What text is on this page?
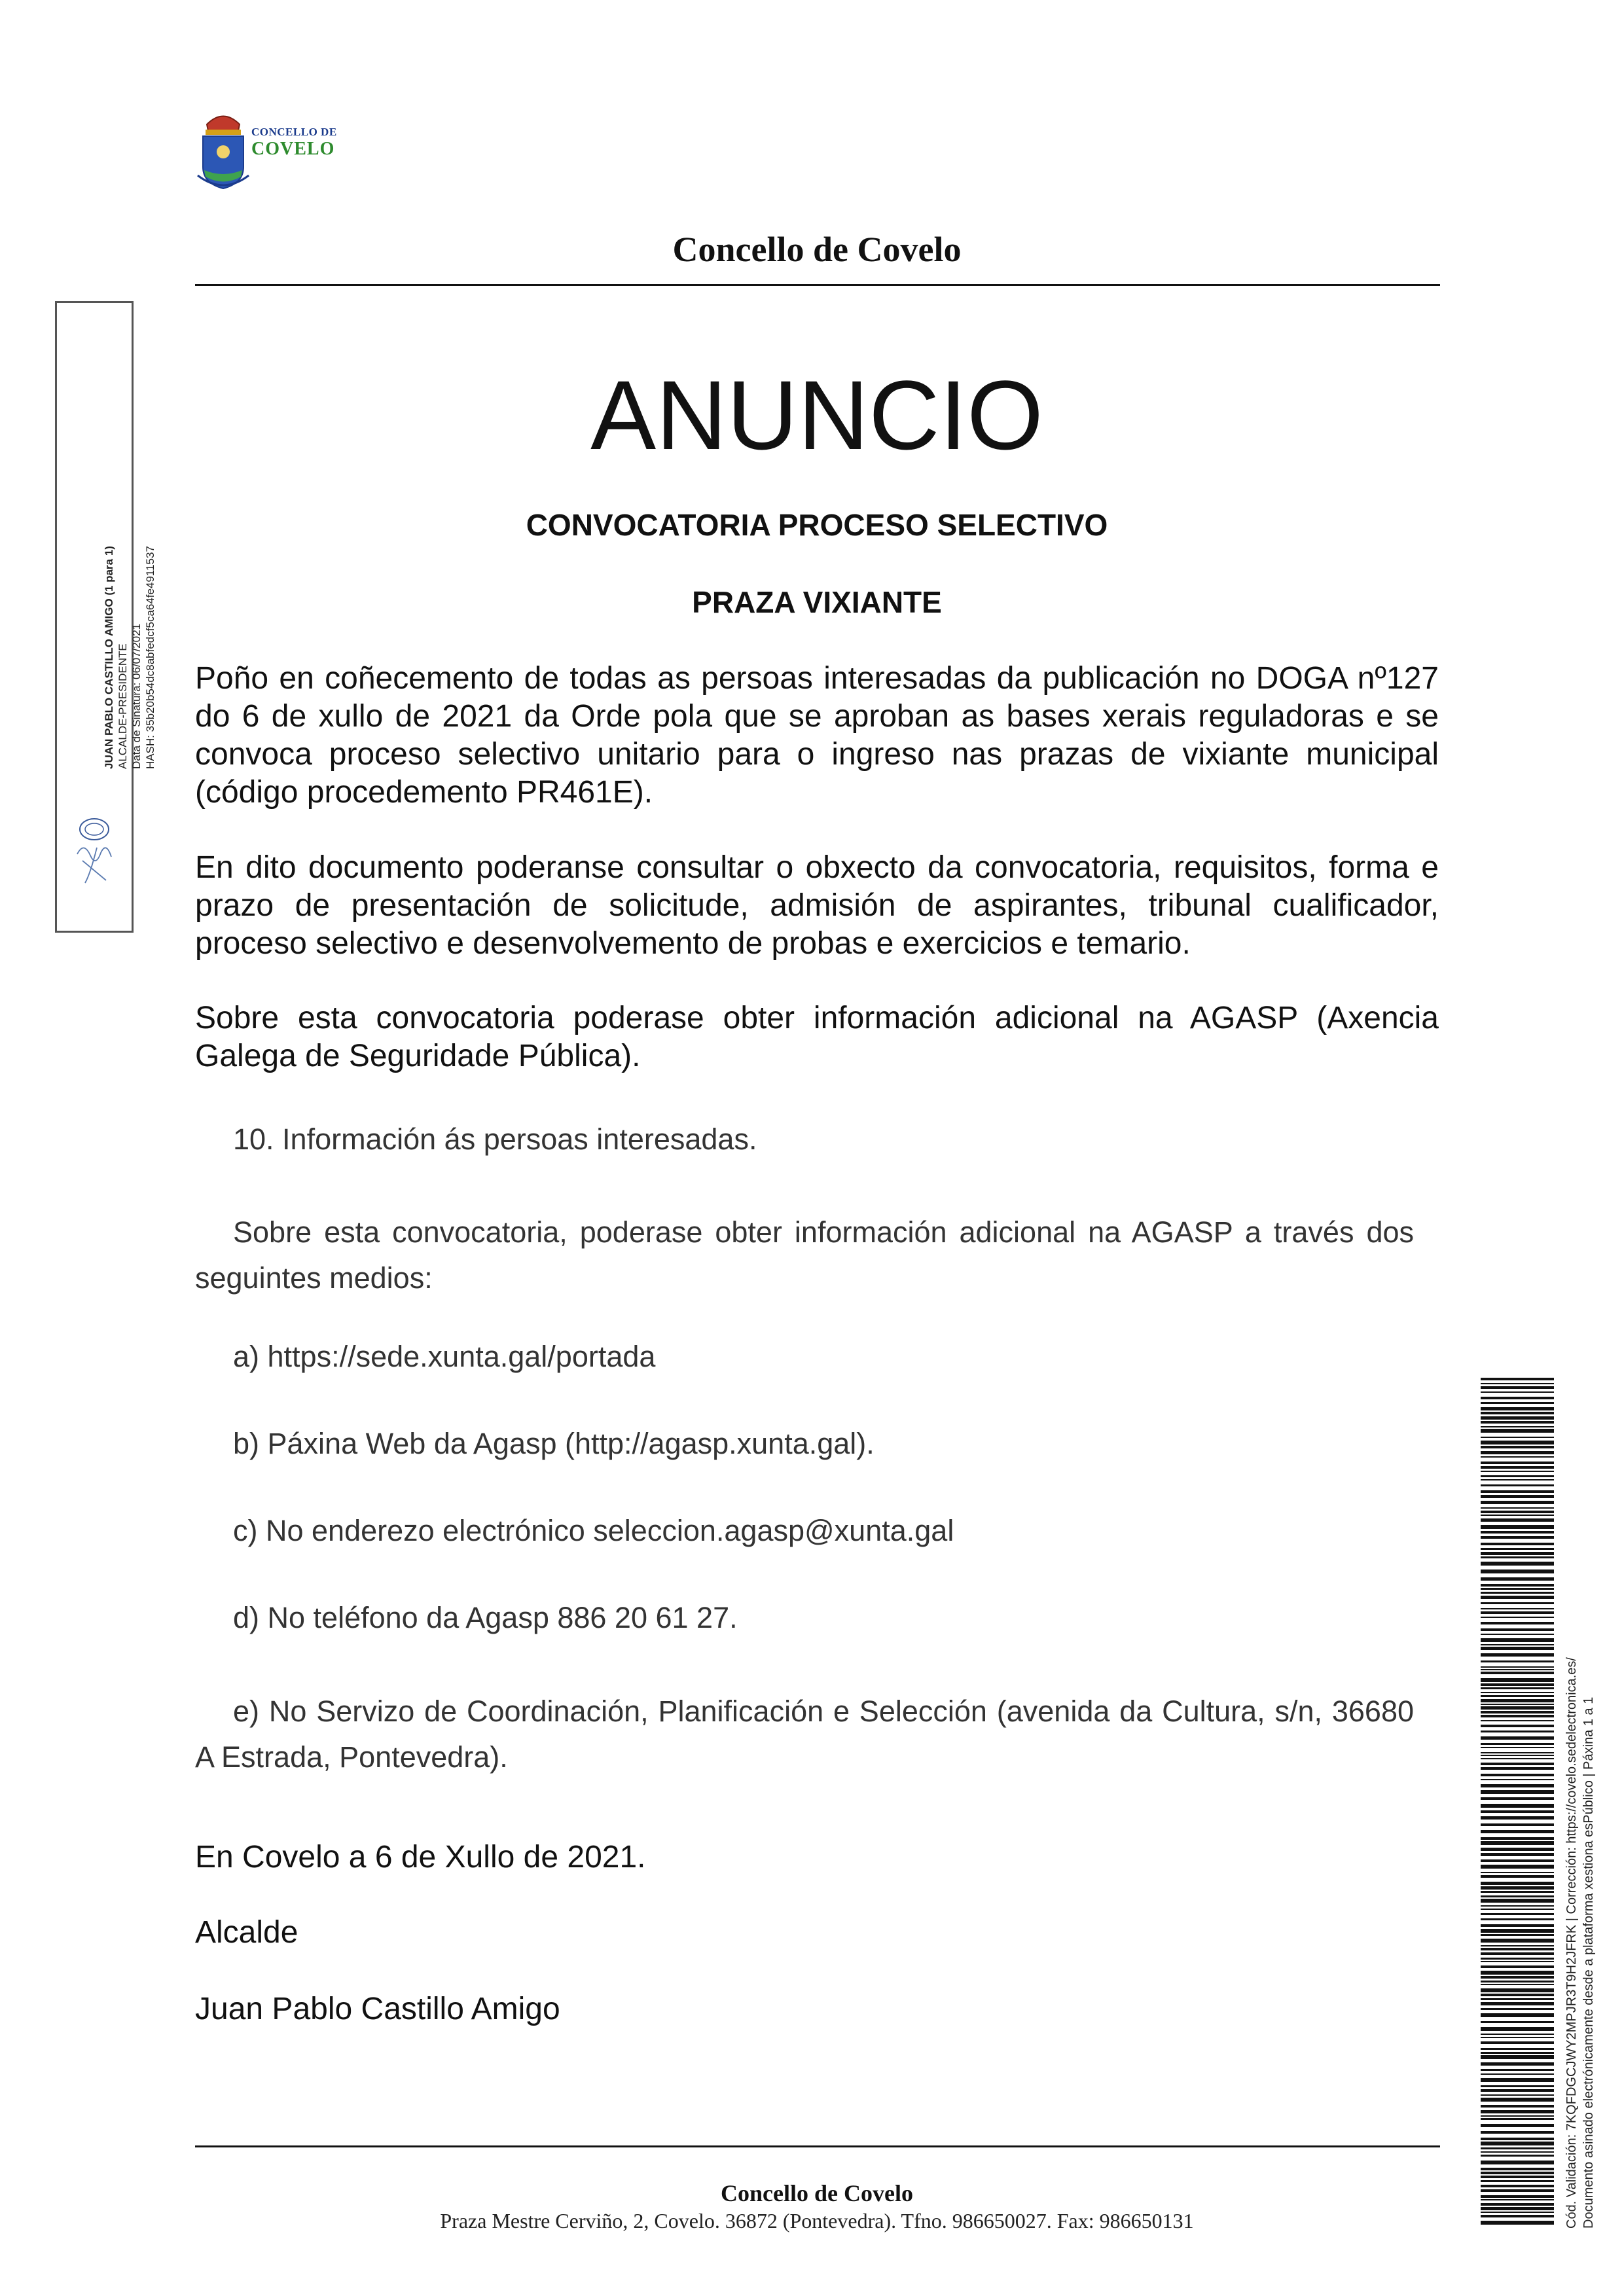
CONCELLO DE
COVELO
Concello de Covelo
JUAN PABLO CASTILLO AMIGO (1 para 1) ALCALDE-PRESIDENTE Data de Sinatura: 06/07/2021 HASH: 35b20b54dc8abfedcf5ca64fe4911537
ANUNCIO
CONVOCATORIA PROCESO SELECTIVO
PRAZA VIXIANTE
Poño en coñecemento de todas as persoas interesadas da publicación no DOGA nº127 do 6 de xullo de 2021 da Orde pola que se aproban as bases xerais reguladoras e se convoca proceso selectivo unitario para o ingreso nas prazas de vixiante municipal (código procedemento PR461E).
En dito documento poderanse consultar o obxecto da convocatoria, requisitos, forma e prazo de presentación de solicitude, admisión de aspirantes, tribunal cualificador, proceso selectivo e desenvolvemento de probas e exercicios e temario.
Sobre esta convocatoria poderase obter información adicional na AGASP (Axencia Galega de Seguridade Pública).
10. Información ás persoas interesadas.
Sobre esta convocatoria, poderase obter información adicional na AGASP a través dos seguintes medios:
a) https://sede.xunta.gal/portada
b) Páxina Web da Agasp (http://agasp.xunta.gal).
c) No enderezo electrónico seleccion.agasp@xunta.gal
d) No teléfono da Agasp 886 20 61 27.
e) No Servizo de Coordinación, Planificación e Selección (avenida da Cultura, s/n, 36680 A Estrada, Pontevedra).
En Covelo a 6 de Xullo de 2021.
Alcalde
Juan Pablo Castillo Amigo
Concello de Covelo
Praza Mestre Cerviño, 2, Covelo. 36872 (Pontevedra). Tfno. 986650027. Fax: 986650131	Cód. Validación: 7KQFDGCJWY2MPJR3T9H2JFRK | Corrección: https://covelo.sedelectronica.es/ Documento asinado electrónicamente desde a plataforma xestiona esPúblico | Páxina 1 a 1
